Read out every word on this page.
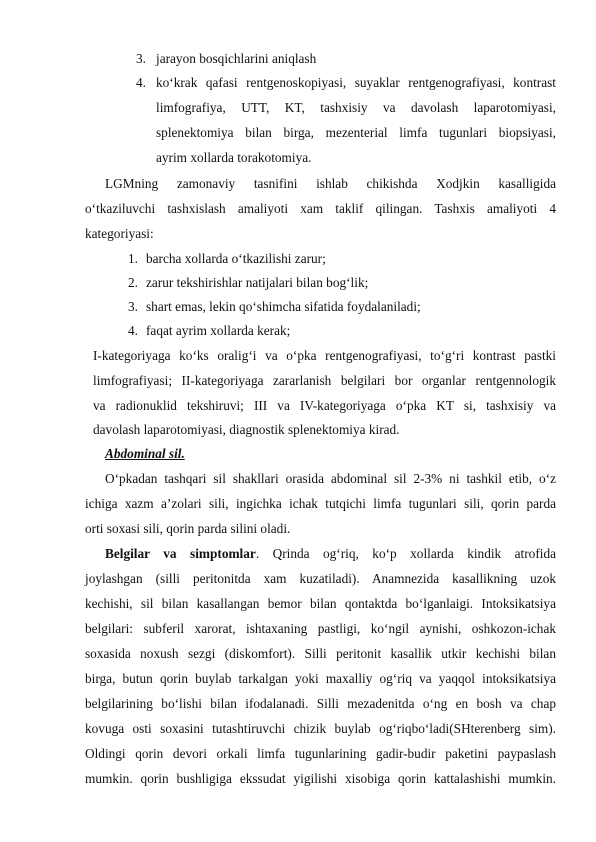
3. jarayon bosqichlarini aniqlash
4. ko‘krak qafasi rentgenoskopiyasi, suyaklar rentgenografiyasi, kontrast
limfografiya, UTT, KT, tashxisiy va davolash laparotomiyasi,
splenektomiya bilan birga, mezenterial limfa tugunlari biopsiyasi,
ayrim xollarda torakotomiya.
LGMning zamonaviy tasnifini ishlab chikishda Xodjkin kasalligida
o‘tkaziluvchi tashxislash amaliyoti xam taklif qilingan. Tashxis amaliyoti 4
kategoriyasi:
1. barcha xollarda o‘tkazilishi zarur;
2. zarur tekshirishlar natijalari bilan bog‘lik;
3. shart emas, lekin qo‘shimcha sifatida foydalaniladi;
4. faqat ayrim xollarda kerak;
I-kategoriyaga ko‘ks oralig‘i va o‘pka rentgenografiyasi, to‘g‘ri kontrast pastki
limfografiyasi; II-kategoriyaga zararlanish belgilari bor organlar rentgennologik
va radionuklid tekshiruvi; III va IV-kategoriyaga o‘pka KT si, tashxisiy va
davolash laparotomiyasi, diagnostik splenektomiya kirad.
Abdominal sil.
O‘pkadan tashqari sil shakllari orasida abdominal sil 2-3% ni tashkil etib, o‘z
ichiga xazm a’zolari sili, ingichka ichak tutqichi limfa tugunlari sili, qorin parda
orti soxasi sili, qorin parda silini oladi.
Belgilar va simptomlar. Qrinda og‘riq, ko‘p xollarda kindik atrofida
joylashgan (silli peritonitda xam kuzatiladi). Anamnezida kasallikning uzok
kechishi, sil bilan kasallangan bemor bilan qontaktda bo‘lganlaigi. Intoksikatsiya
belgilari: subferil xarorat, ishtaxaning pastligi, ko‘ngil aynishi, oshkozon-ichak
soxasida noxush sezgi (diskomfort). Silli peritonit kasallik utkir kechishi bilan
birga, butun qorin buylab tarkalgan yoki maxalliy og‘riq va yaqqol intoksikatsiya
belgilarining bo‘lishi bilan ifodalanadi. Silli mezadenitda o‘ng en bosh va chap
kovuga osti soxasini tutashtiruvchi chizik buylab og‘riqbo‘ladi(SHterenberg sim).
Oldingi qorin devori orkali limfa tugunlarining gadir-budir paketini paypaslash
mumkin. qorin bushligiga ekssudat yigilishi xisobiga qorin kattalashishi mumkin.
